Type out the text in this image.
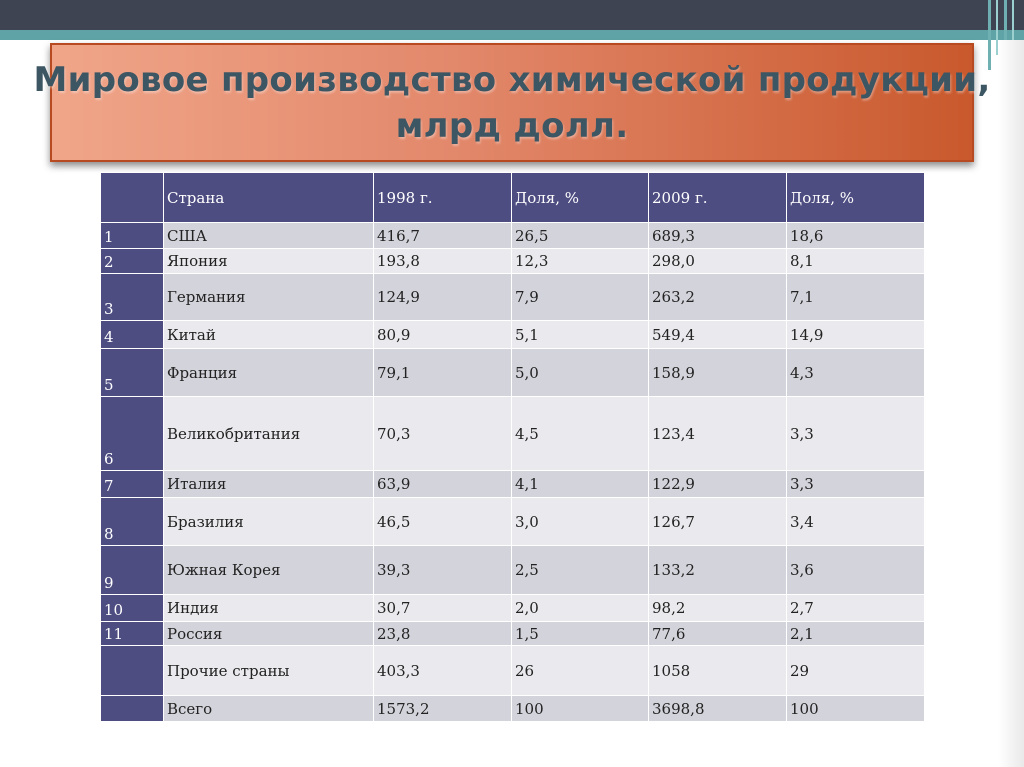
Мировое производство химической продукции,
млрд долл.
	Страна	1998 г.	Доля, %	2009 г.	Доля, %
1	США	416,7	26,5	689,3	18,6
2	Япония	193,8	12,3	298,0	8,1
3	Германия	124,9	7,9	263,2	7,1
4	Китай	80,9	5,1	549,4	14,9
5	Франция	79,1	5,0	158,9	4,3
6	Великобритания	70,3	4,5	123,4	3,3
7	Италия	63,9	4,1	122,9	3,3
8	Бразилия	46,5	3,0	126,7	3,4
9	Южная Корея	39,3	2,5	133,2	3,6
10	Индия	30,7	2,0	98,2	2,7
11	Россия	23,8	1,5	77,6	2,1
	Прочие страны	403,3	26	1058	29
	Всего	1573,2	100	3698,8	100
